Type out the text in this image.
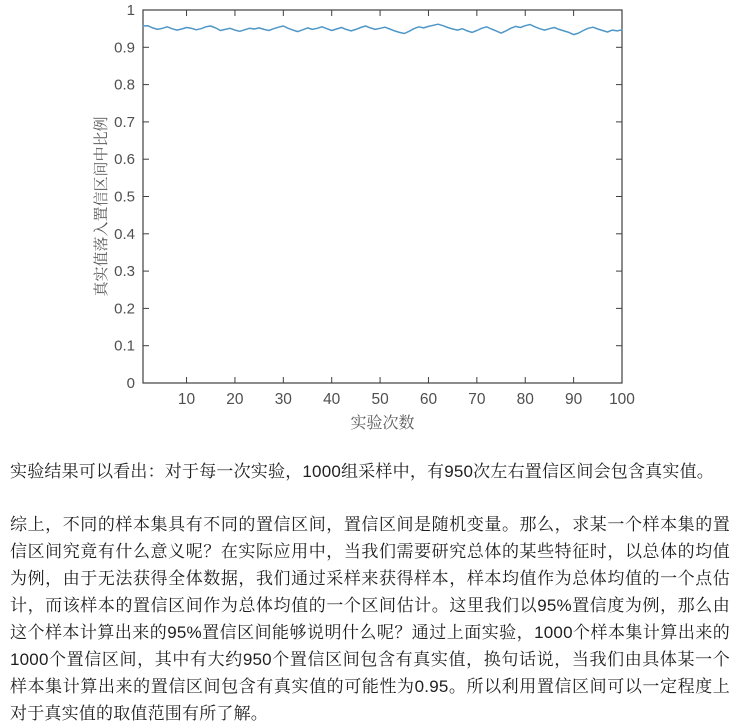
0
0.1
0.2
0.3
0.4
0.5
0.6
0.7
0.8
0.9
1
10 20 30 40 50 60 70 80 90 100
实验次数
真实值落入置信区间中比例

实验结果可以看出：对于每一次实验，1000组采样中，有950次左右置信区间会包含真实值。

综上，不同的样本集具有不同的置信区间，置信区间是随机变量。那么，求某一个样本集的置信区间究竟有什么意义呢？在实际应用中，当我们需要研究总体的某些特征时，以总体的均值为例，由于无法获得全体数据，我们通过采样来获得样本，样本均值作为总体均值的一个点估计，而该样本的置信区间作为总体均值的一个区间估计。这里我们以95%置信度为例，那么由这个样本计算出来的95%置信区间能够说明什么呢？通过上面实验，1000个样本集计算出来的1000个置信区间，其中有大约950个置信区间包含有真实值，换句话说，当我们由具体某一个样本集计算出来的置信区间包含有真实值的可能性为0.95。所以利用置信区间可以一定程度上对于真实值的取值范围有所了解。
